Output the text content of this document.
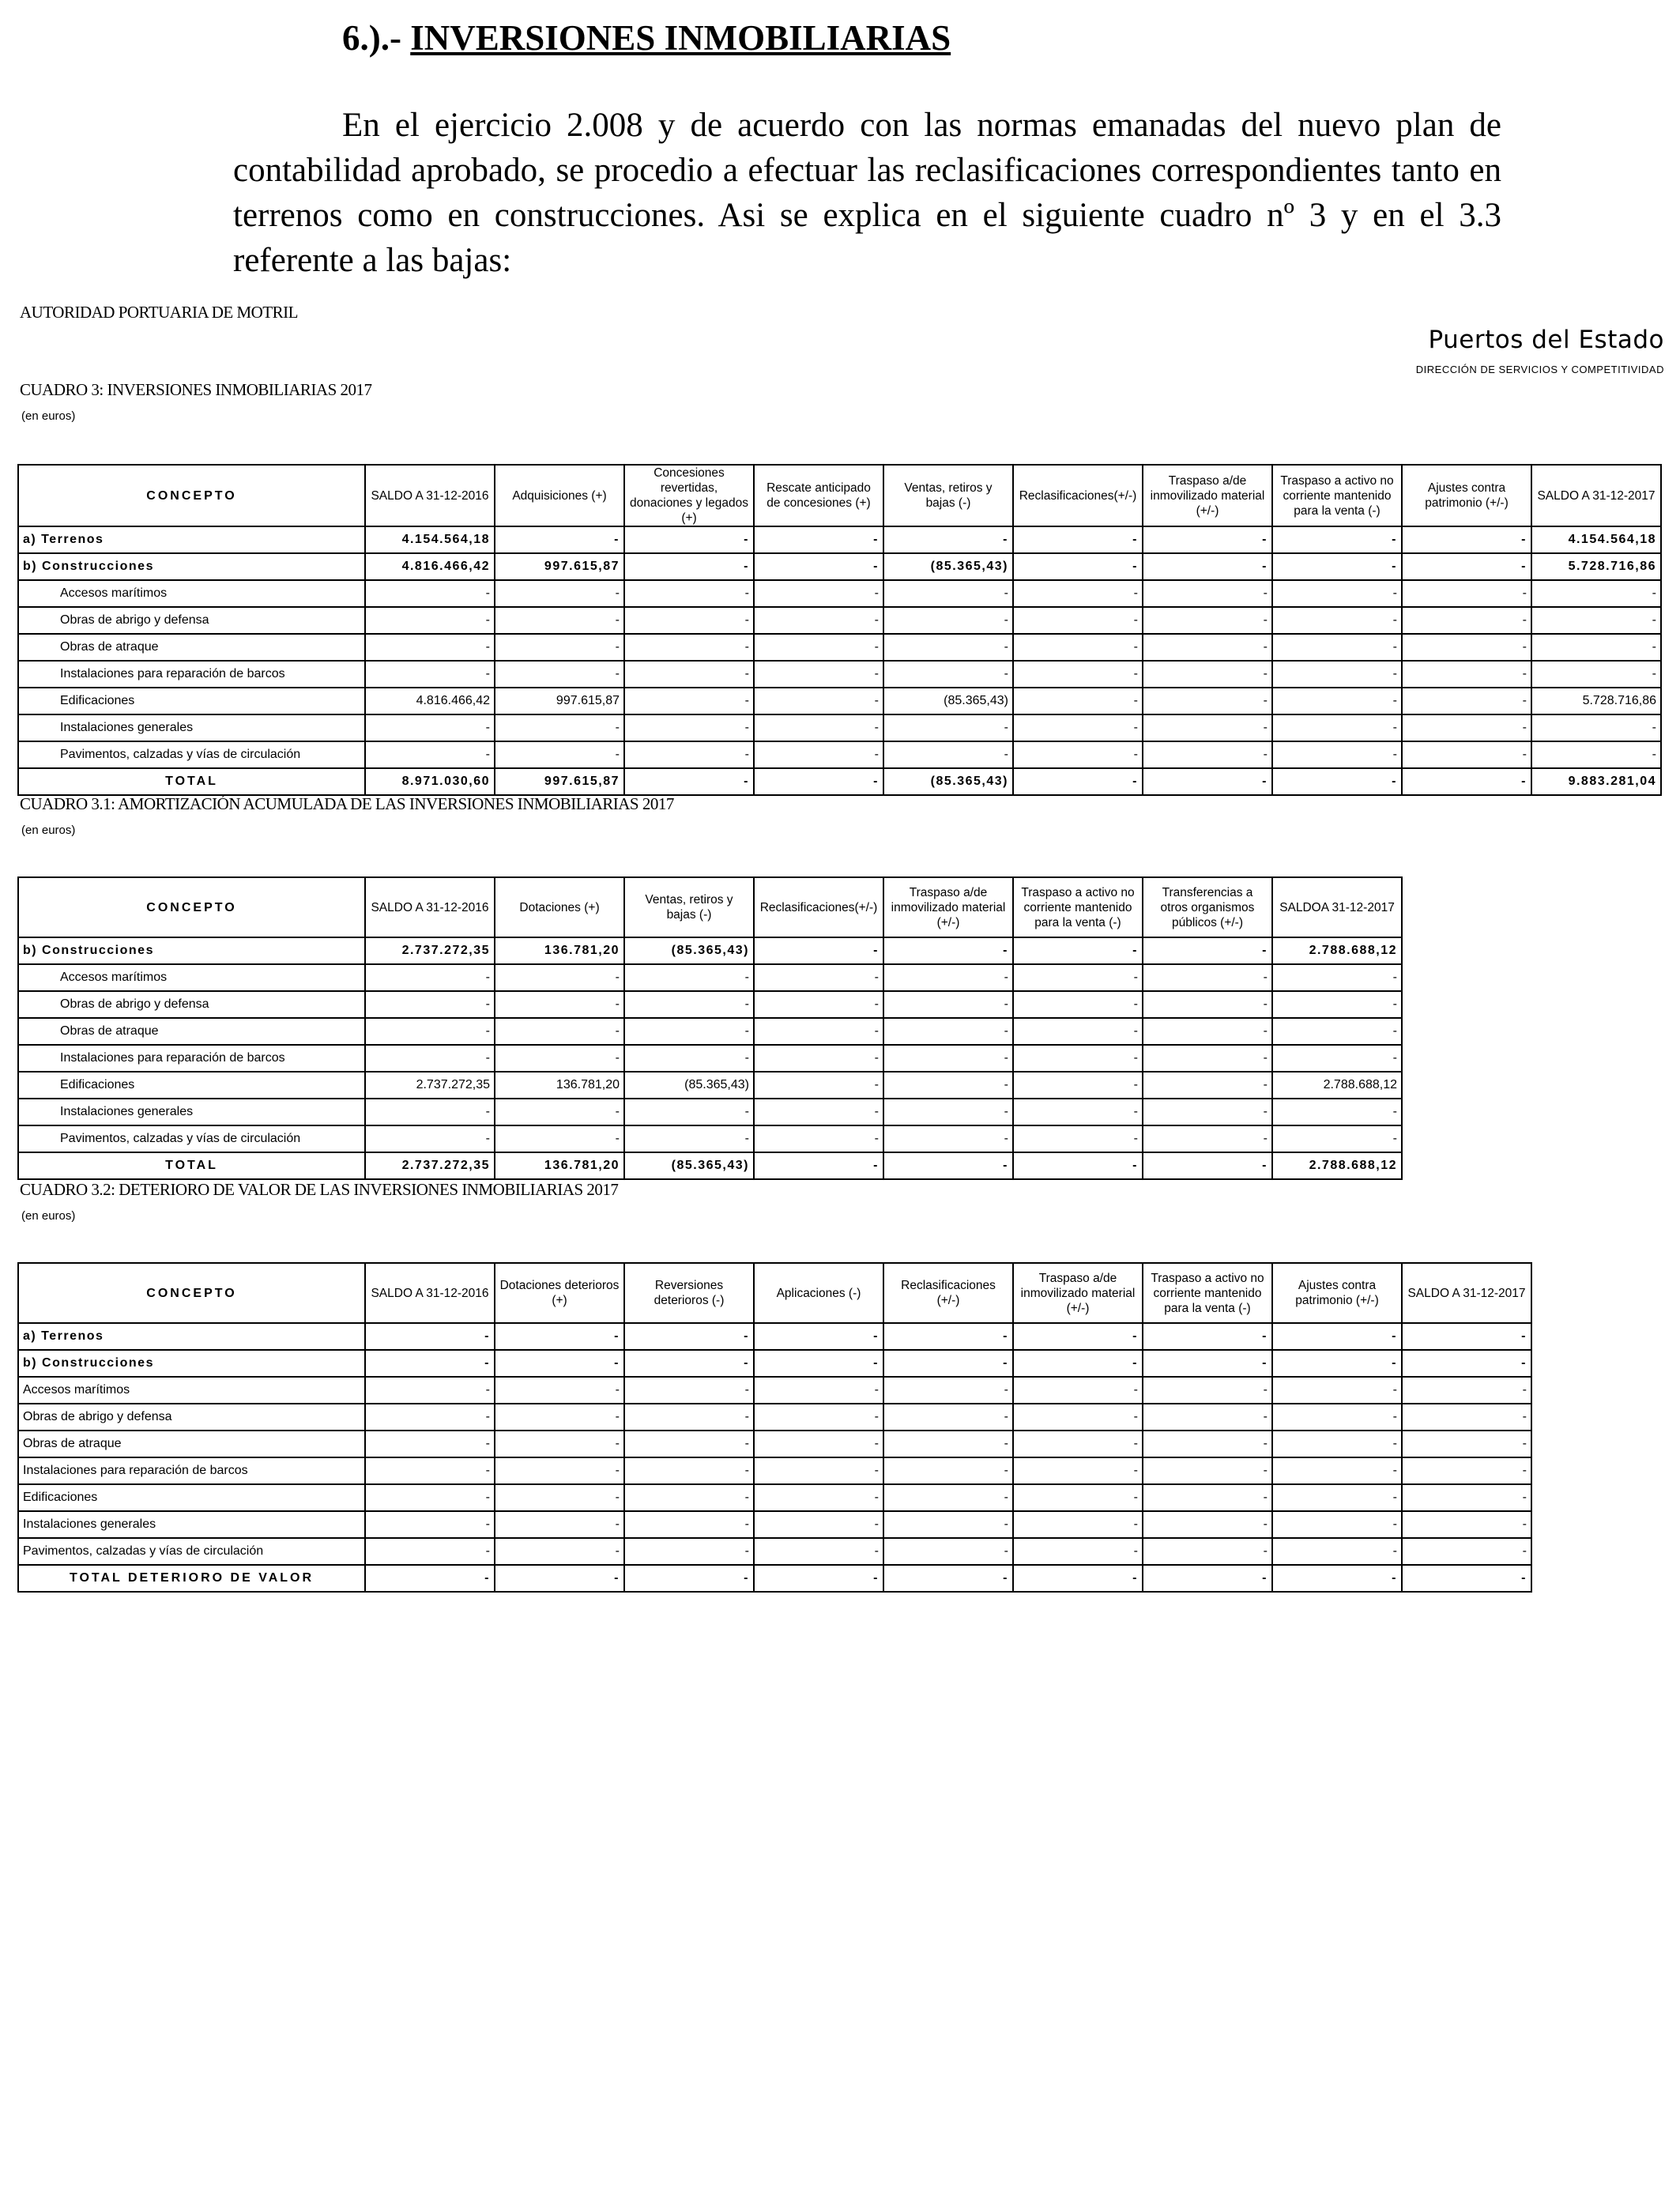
6.).- INVERSIONES INMOBILIARIAS

En el ejercicio 2.008 y de acuerdo con las normas emanadas del nuevo plan de contabilidad aprobado, se procedio a efectuar las reclasificaciones correspondientes tanto en terrenos como en construcciones. Asi se explica en el siguiente cuadro nº 3 y en el 3.3 referente a las bajas:

AUTORIDAD PORTUARIA DE MOTRIL
Puertos del Estado
DIRECCIÓN DE SERVICIOS Y COMPETITIVIDAD
CUADRO 3: INVERSIONES INMOBILIARIAS 2017
(en euros)
CONCEPTO	SALDO A 31-12-2016	Adquisiciones (+)	Concesiones revertidas, donaciones y legados (+)	Rescate anticipado de concesiones (+)	Ventas, retiros y bajas (-)	Reclasificaciones(+/-)	Traspaso a/de inmovilizado material (+/-)	Traspaso a activo no corriente mantenido para la venta (-)	Ajustes contra patrimonio (+/-)	SALDO A 31-12-2017
a) Terrenos	4.154.564,18	-	-	-	-	-	-	-	-	4.154.564,18
b) Construcciones	4.816.466,42	997.615,87	-	-	(85.365,43)	-	-	-	-	5.728.716,86
Accesos marítimos	-	-	-	-	-	-	-	-	-	-
Obras de abrigo y defensa	-	-	-	-	-	-	-	-	-	-
Obras de atraque	-	-	-	-	-	-	-	-	-	-
Instalaciones para reparación de barcos	-	-	-	-	-	-	-	-	-	-
Edificaciones	4.816.466,42	997.615,87	-	-	(85.365,43)	-	-	-	-	5.728.716,86
Instalaciones generales	-	-	-	-	-	-	-	-	-	-
Pavimentos, calzadas y vías de circulación	-	-	-	-	-	-	-	-	-	-
TOTAL	8.971.030,60	997.615,87	-	-	(85.365,43)	-	-	-	-	9.883.281,04
CUADRO 3.1: AMORTIZACIÓN ACUMULADA DE LAS INVERSIONES INMOBILIARIAS 2017
(en euros)
CONCEPTO	SALDO A 31-12-2016	Dotaciones (+)	Ventas, retiros y bajas (-)	Reclasificaciones(+/-)	Traspaso a/de inmovilizado material (+/-)	Traspaso a activo no corriente mantenido para la venta (-)	Transferencias a otros organismos públicos (+/-)	SALDOA 31-12-2017
b) Construcciones	2.737.272,35	136.781,20	(85.365,43)	-	-	-	-	2.788.688,12
Accesos marítimos	-	-	-	-	-	-	-	-
Obras de abrigo y defensa	-	-	-	-	-	-	-	-
Obras de atraque	-	-	-	-	-	-	-	-
Instalaciones para reparación de barcos	-	-	-	-	-	-	-	-
Edificaciones	2.737.272,35	136.781,20	(85.365,43)	-	-	-	-	2.788.688,12
Instalaciones generales	-	-	-	-	-	-	-	-
Pavimentos, calzadas y vías de circulación	-	-	-	-	-	-	-	-
TOTAL	2.737.272,35	136.781,20	(85.365,43)	-	-	-	-	2.788.688,12
CUADRO 3.2: DETERIORO DE VALOR DE LAS INVERSIONES INMOBILIARIAS 2017
(en euros)
CONCEPTO	SALDO A 31-12-2016	Dotaciones deterioros (+)	Reversiones deterioros (-)	Aplicaciones (-)	Reclasificaciones (+/-)	Traspaso a/de inmovilizado material (+/-)	Traspaso a activo no corriente mantenido para la venta (-)	Ajustes contra patrimonio (+/-)	SALDO A 31-12-2017
a) Terrenos	-	-	-	-	-	-	-	-	-
b) Construcciones	-	-	-	-	-	-	-	-	-
Accesos marítimos	-	-	-	-	-	-	-	-	-
Obras de abrigo y defensa	-	-	-	-	-	-	-	-	-
Obras de atraque	-	-	-	-	-	-	-	-	-
Instalaciones para reparación de barcos	-	-	-	-	-	-	-	-	-
Edificaciones	-	-	-	-	-	-	-	-	-
Instalaciones generales	-	-	-	-	-	-	-	-	-
Pavimentos, calzadas y vías de circulación	-	-	-	-	-	-	-	-	-
TOTAL DETERIORO DE VALOR	-	-	-	-	-	-	-	-	-
